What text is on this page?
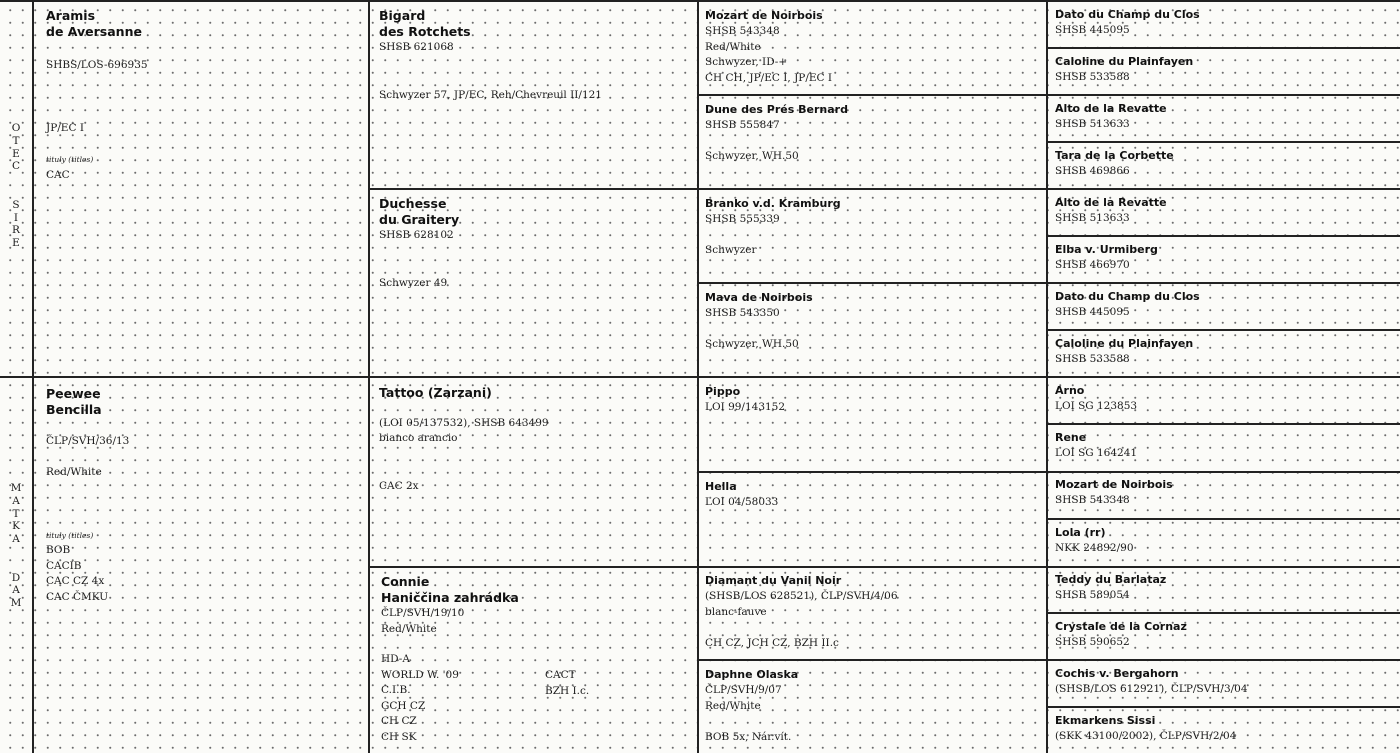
O
T
E
C

S
I
R
E
M
A
T
K
A

D
A
M

Aramis

de Aversanne

SHBS/LOS-696935

JP/EC I

tituly (titles)

CAC

Peewee

Bencilla

ČLP/SVH/36/13

Red/White

tituly (titles)

BOB

CACIB

CAC CZ 4x

CAC ČMKU

Bigard

des Rotchets

SHSB 621068

Schwyzer 57, JP/EC, Reh/Chevreuil II/121

Duchesse

du Graitery

SHSB 628102

Schwyzer 49

Tattoo (Zarzani)

(LOI 05/137532), SHSB 643499

bianco arancio

CAC 2x

Connie

Haniččina zahrádka

ČLP/SVH/19/10

Red/White

HD-A

WORLD W. '09

C.I.B.

GCH CZ

CH CZ

CH SK

CACT

BZH I.c.

Mozart de Noirbois

SHSB 543348

Red/White

Schwyzer, ID-+

CH CH, JP/EC I, JP/EC I

Dune des Prés Bernard

SHSB 555847

Schwyzer, WH.50

Branko v.d. Kramburg

SHSB 555339

Schwyzer

Mava de Noirbois

SHSB 543350

Schwyzer, WH.50

Pippo

LOI 99/143152

Hella

LOI 04/58033

Diamant du Vanil Noir

(SHSB/LOS 628521), ČLP/SVH/4/06

blanc-fauve

CH CZ, JCH CZ, BZH II.c

Daphne Olaska

ČLP/SVH/9/07

Red/White

BOB 5x, Nár.vít.

Dato du Champ du Clos

SHSB 445095

Caloline du Plainfayen

SHSB 533588

Alto de la Revatte

SHSB 513633

Tara de la Corbette

SHSB 469866

Alto de la Revatte

SHSB 513633

Elba v. Urmiberg

SHSB 466970

Dato du Champ du Clos

SHSB 445095

Caloline du Plainfayen

SHSB 533588

Arno

LOI SG 123853

Rene

LOI SG 164241

Mozart de Noirbois

SHSB 543348

Lola (rr)

NKK 24892/90

Teddy du Barlataz

SHSB 589054

Crystale de la Cornaz

SHSB 590652

Cochis v. Bergahorn

(SHSB/LOS 612921), ČLP/SVH/3/04

Ekmarkens Sissi

(SKK 43100/2002), ČLP/SVH/2/04
